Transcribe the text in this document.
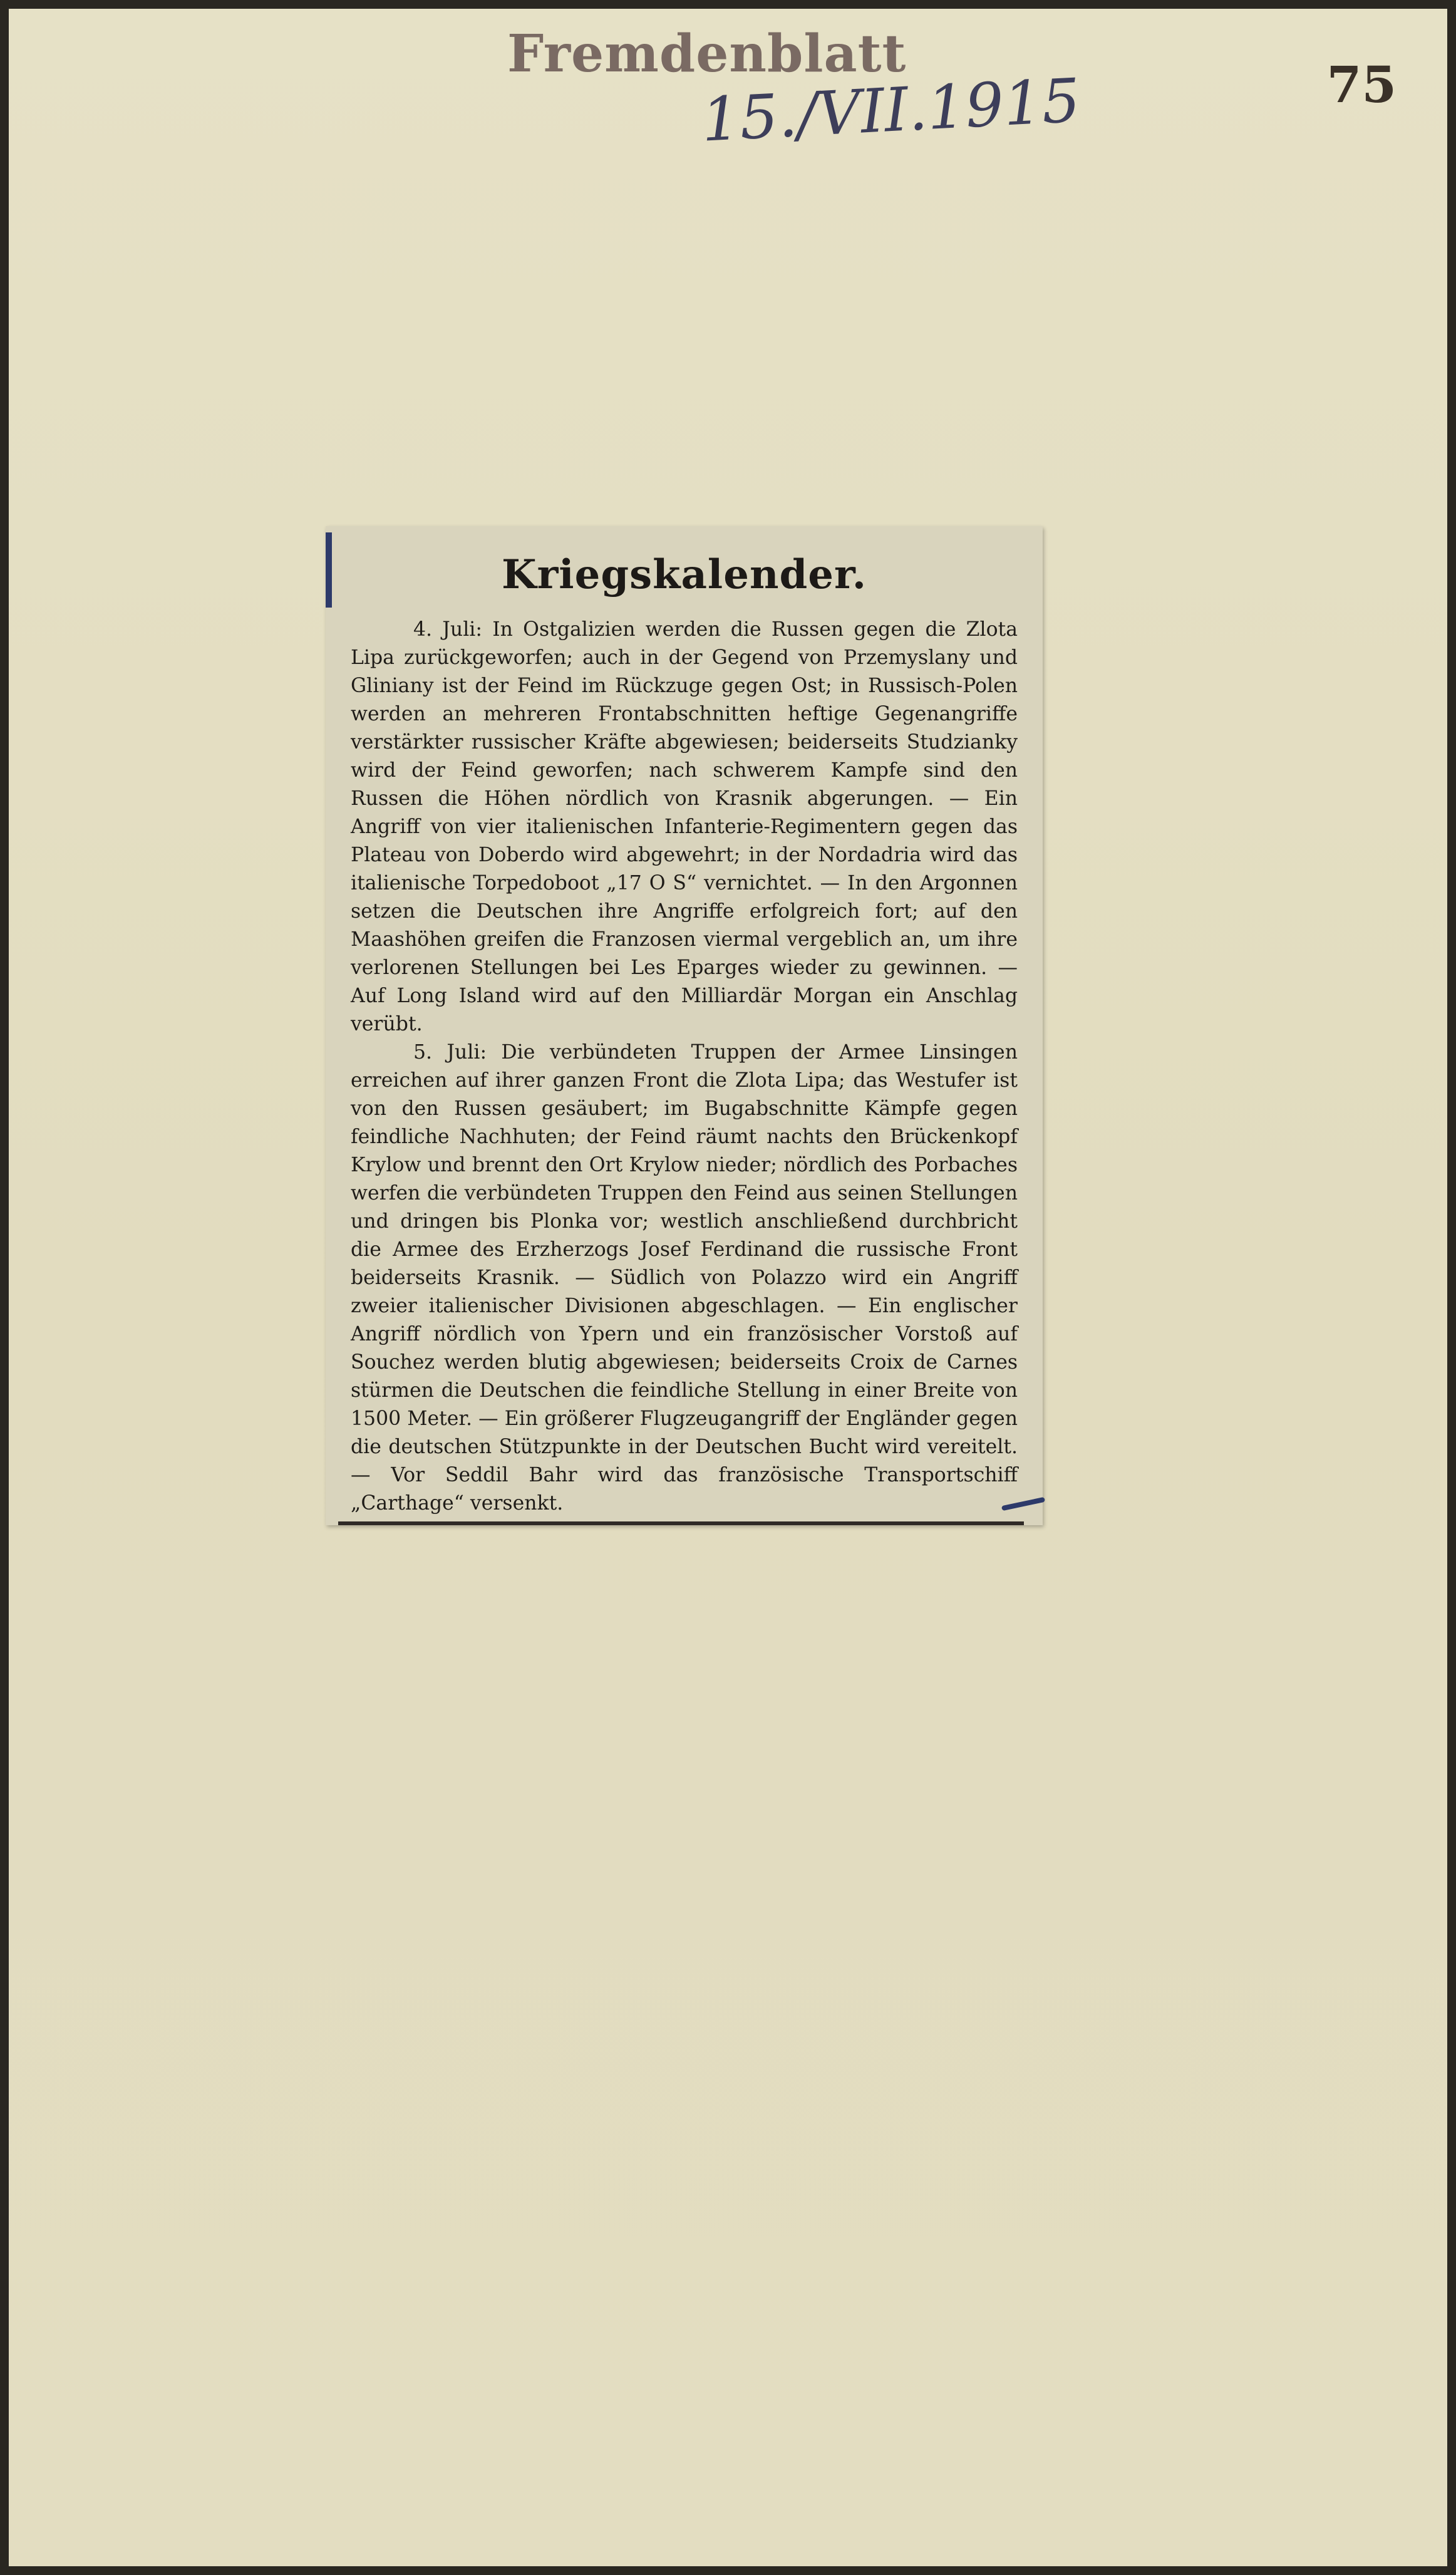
Fremdenblatt
15./VII.1915	75
Kriegskalender.

4. Juli: In Ostgalizien werden die Russen gegen die Zlota Lipa zurückgeworfen; auch in der Gegend von Przemyslany und Gliniany ist der Feind im Rückzuge gegen Ost; in Russisch-Polen werden an mehreren Frontabschnitten heftige Gegenangriffe verstärkter russischer Kräfte abgewiesen; beiderseits Studzianky wird der Feind geworfen; nach schwerem Kampfe sind den Russen die Höhen nördlich von Krasnik abgerungen. — Ein Angriff von vier italienischen Infanterie-Regimentern gegen das Plateau von Doberdo wird abgewehrt; in der Nordadria wird das italienische Torpedoboot „17 O S“ vernichtet. — In den Argonnen setzen die Deutschen ihre Angriffe erfolgreich fort; auf den Maashöhen greifen die Franzosen viermal vergeblich an, um ihre verlorenen Stellungen bei Les Eparges wieder zu gewinnen. — Auf Long Island wird auf den Milliardär Morgan ein Anschlag verübt.

5. Juli: Die verbündeten Truppen der Armee Linsingen erreichen auf ihrer ganzen Front die Zlota Lipa; das Westufer ist von den Russen gesäubert; im Bugabschnitte Kämpfe gegen feindliche Nachhuten; der Feind räumt nachts den Brückenkopf Krylow und brennt den Ort Krylow nieder; nördlich des Porbaches werfen die verbündeten Truppen den Feind aus seinen Stellungen und dringen bis Plonka vor; westlich anschließend durchbricht die Armee des Erzherzogs Josef Ferdinand die russische Front beiderseits Krasnik. — Südlich von Polazzo wird ein Angriff zweier italienischer Divisionen abgeschlagen. — Ein englischer Angriff nördlich von Ypern und ein französischer Vorstoß auf Souchez werden blutig abgewiesen; beiderseits Croix de Carnes stürmen die Deutschen die feindliche Stellung in einer Breite von 1500 Meter. — Ein größerer Flugzeugangriff der Engländer gegen die deutschen Stützpunkte in der Deutschen Bucht wird vereitelt. — Vor Seddil Bahr wird das französische Transportschiff „Carthage“ versenkt.
